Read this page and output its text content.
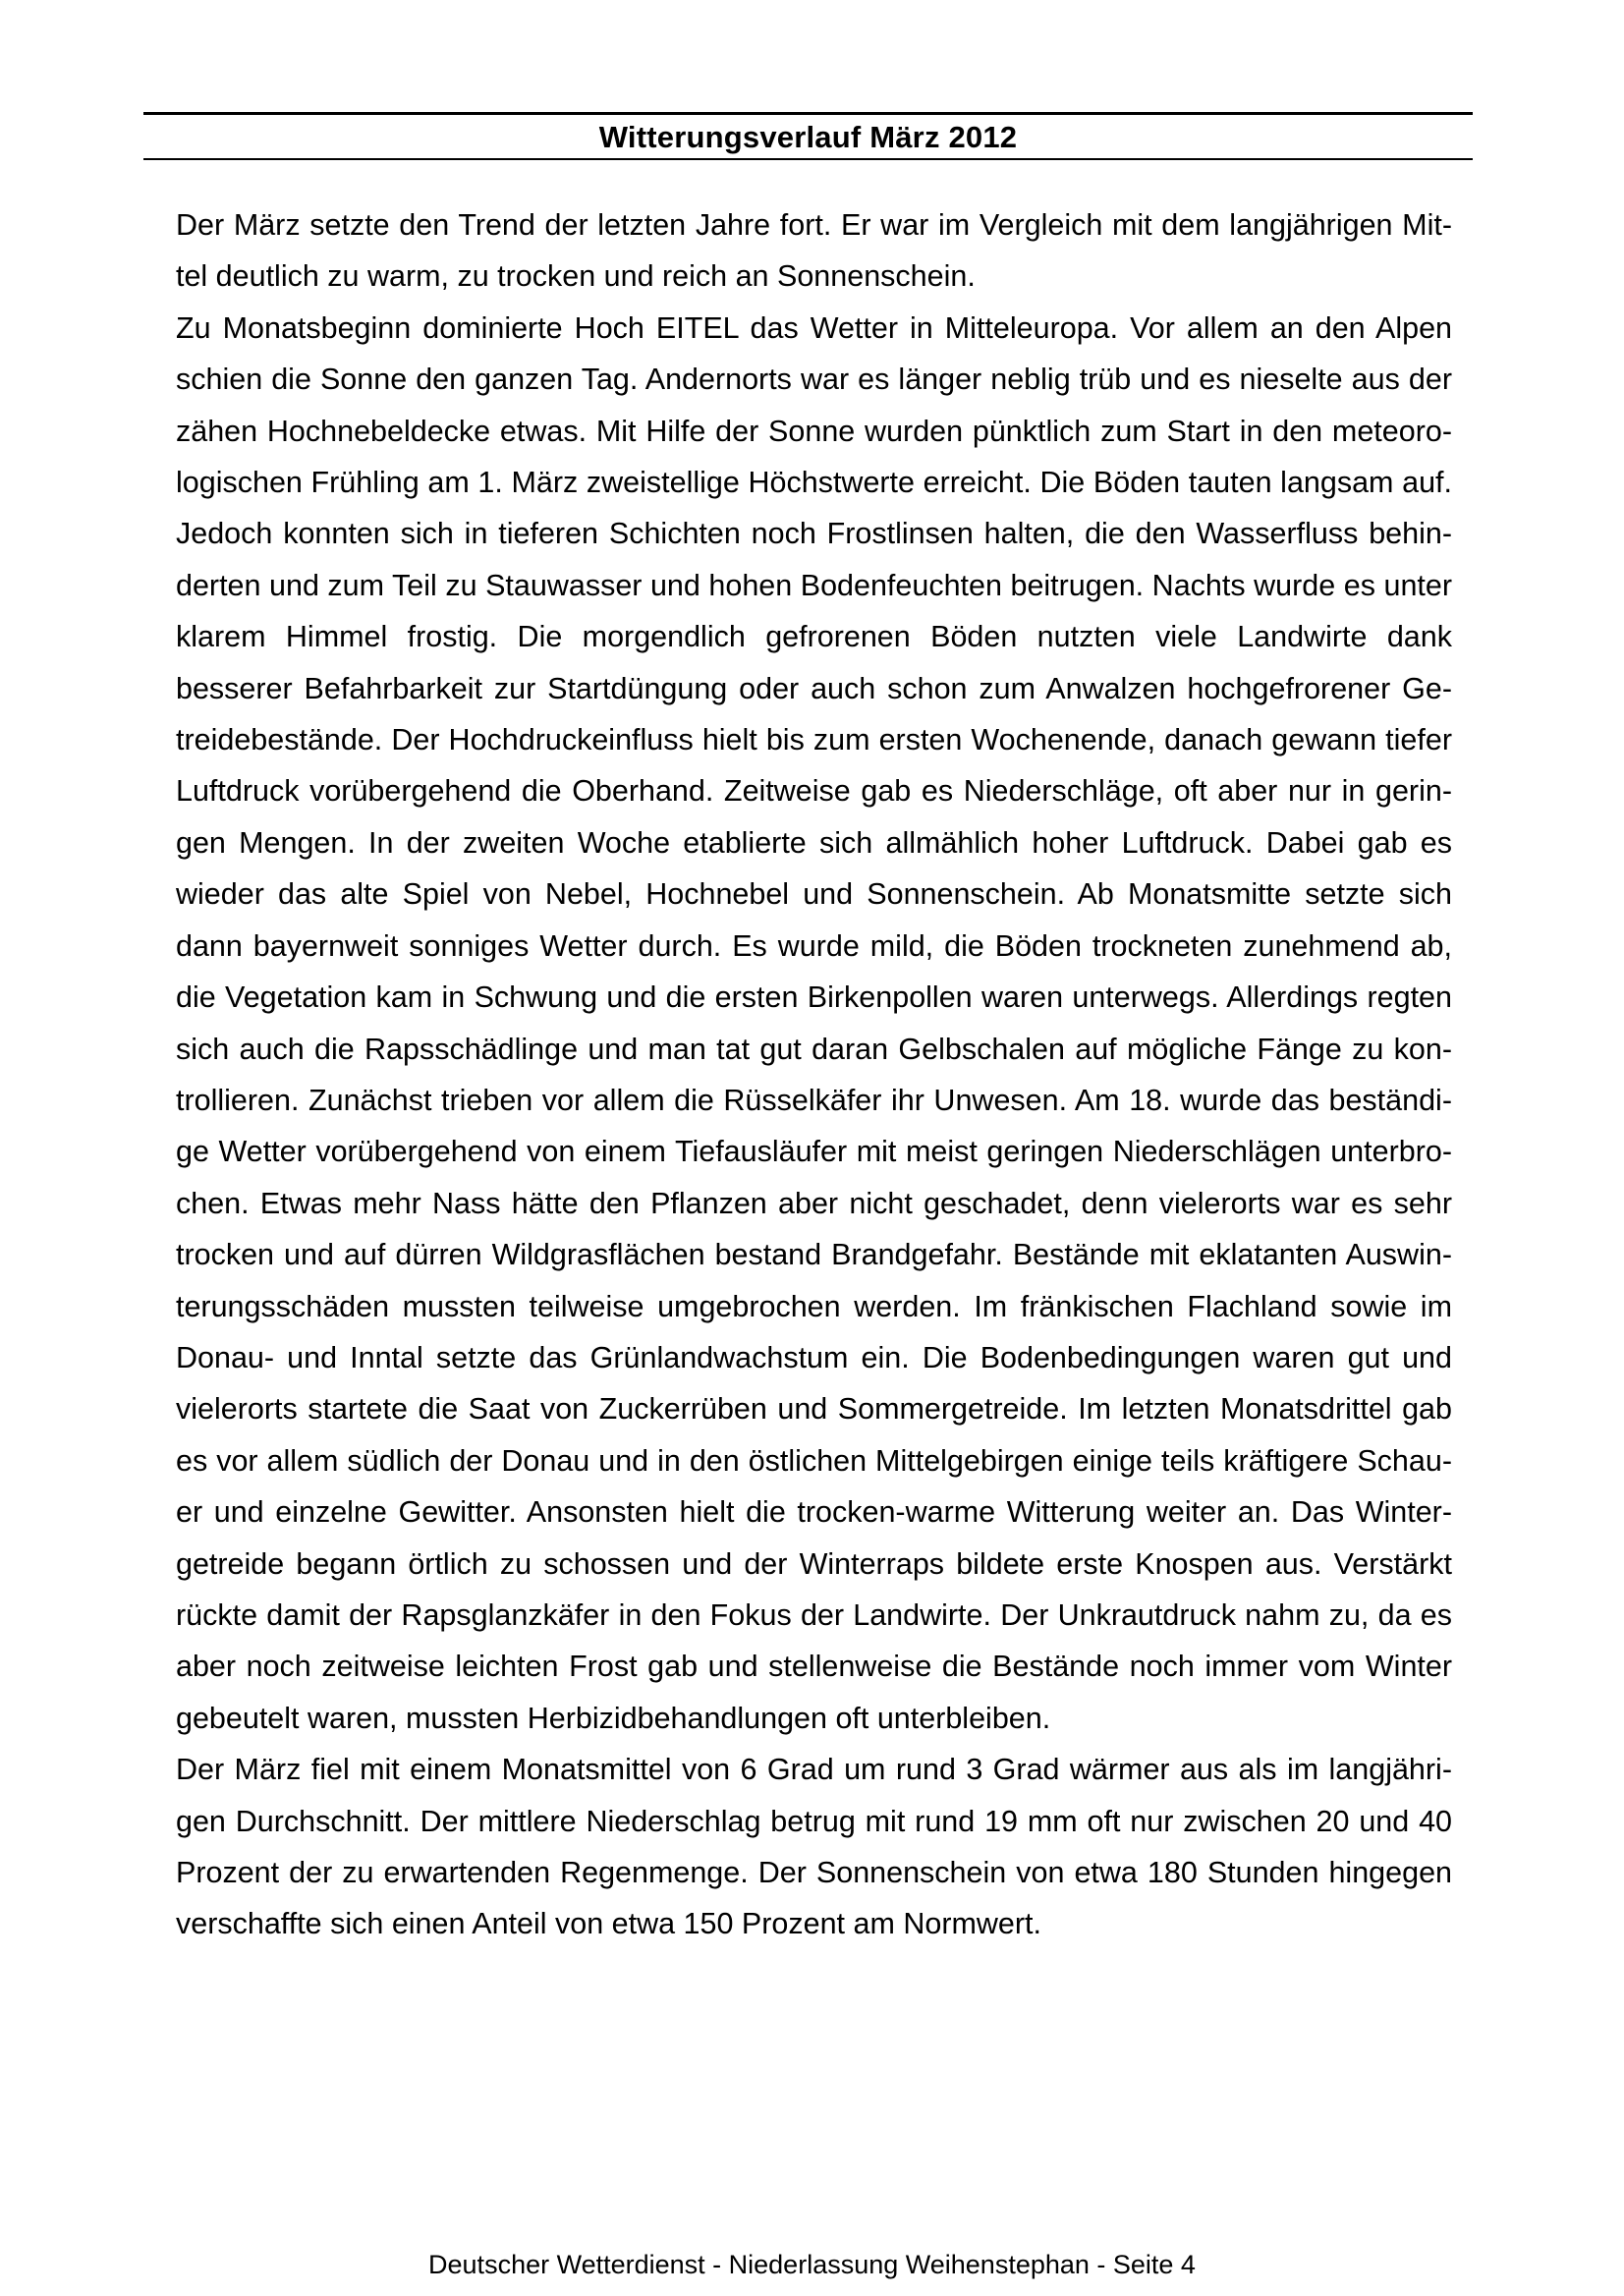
Witterungsverlauf März 2012

Der März setzte den Trend der letzten Jahre fort. Er war im Vergleich mit dem langjährigen Mittel deutlich zu warm, zu trocken und reich an Sonnenschein.

Zu Monatsbeginn dominierte Hoch EITEL das Wetter in Mitteleuropa. Vor allem an den Alpen schien die Sonne den ganzen Tag. Andernorts war es länger neblig trüb und es nieselte aus der zähen Hochnebeldecke etwas. Mit Hilfe der Sonne wurden pünktlich zum Start in den meteorologischen Frühling am 1. März zweistellige Höchstwerte erreicht. Die Böden tauten langsam auf. Jedoch konnten sich in tieferen Schichten noch Frostlinsen halten, die den Wasserfluss behinderten und zum Teil zu Stauwasser und hohen Bodenfeuchten beitrugen. Nachts wurde es unter klarem Himmel frostig. Die morgendlich gefrorenen Böden nutzten viele Landwirte dank besserer Befahrbarkeit zur Startdüngung oder auch schon zum Anwalzen hochgefrorener Getreidebestände. Der Hochdruckeinfluss hielt bis zum ersten Wochenende, danach gewann tiefer Luftdruck vorübergehend die Oberhand. Zeitweise gab es Niederschläge, oft aber nur in geringen Mengen. In der zweiten Woche etablierte sich allmählich hoher Luftdruck. Dabei gab es wieder das alte Spiel von Nebel, Hochnebel und Sonnenschein. Ab Monatsmitte setzte sich dann bayernweit sonniges Wetter durch. Es wurde mild, die Böden trockneten zunehmend ab, die Vegetation kam in Schwung und die ersten Birkenpollen waren unterwegs. Allerdings regten sich auch die Rapsschädlinge und man tat gut daran Gelbschalen auf mögliche Fänge zu kontrollieren. Zunächst trieben vor allem die Rüsselkäfer ihr Unwesen. Am 18. wurde das beständige Wetter vorübergehend von einem Tiefausläufer mit meist geringen Niederschlägen unterbrochen. Etwas mehr Nass hätte den Pflanzen aber nicht geschadet, denn vielerorts war es sehr trocken und auf dürren Wildgrasflächen bestand Brandgefahr. Bestände mit eklatanten Auswinterungsschäden mussten teilweise umgebrochen werden. Im fränkischen Flachland sowie im Donau- und Inntal setzte das Grünlandwachstum ein. Die Bodenbedingungen waren gut und vielerorts startete die Saat von Zuckerrüben und Sommergetreide. Im letzten Monatsdrittel gab es vor allem südlich der Donau und in den östlichen Mittelgebirgen einige teils kräftigere Schauer und einzelne Gewitter. Ansonsten hielt die trocken-warme Witterung weiter an. Das Wintergetreide begann örtlich zu schossen und der Winterraps bildete erste Knospen aus. Verstärkt rückte damit der Rapsglanzkäfer in den Fokus der Landwirte. Der Unkrautdruck nahm zu, da es aber noch zeitweise leichten Frost gab und stellenweise die Bestände noch immer vom Winter gebeutelt waren, mussten Herbizidbehandlungen oft unterbleiben.

Der März fiel mit einem Monatsmittel von 6 Grad um rund 3 Grad wärmer aus als im langjährigen Durchschnitt. Der mittlere Niederschlag betrug mit rund 19 mm oft nur zwischen 20 und 40 Prozent der zu erwartenden Regenmenge. Der Sonnenschein von etwa 180 Stunden hingegen verschaffte sich einen Anteil von etwa 150 Prozent am Normwert.

Deutscher Wetterdienst - Niederlassung Weihenstephan - Seite 4
